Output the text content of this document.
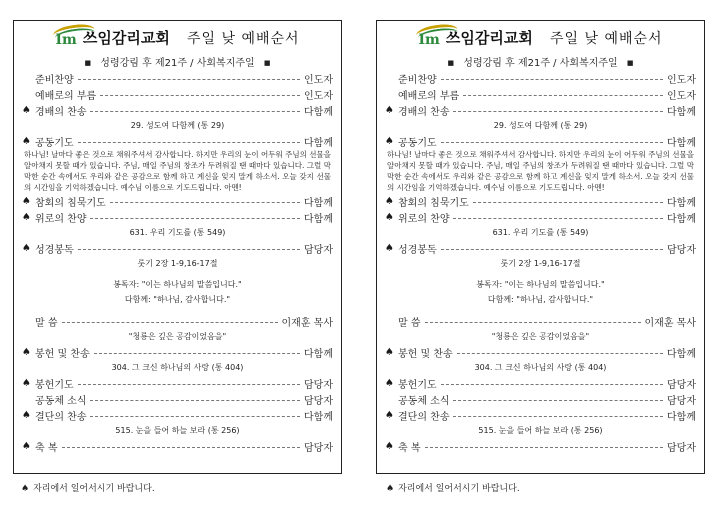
Im 쓰임감리교회 주일 낮 예배순서
■ 성령강림 후 제21주 / 사회복지주일 ■
준비찬양	인도자
예배로의 부름	인도자
♠ 경배의 찬송	다함께
29. 성도여 다함께 (통 29)
♠ 공동기도	다함께
하나님! 날마다 좋은 것으로 채워주셔서 감사합니다. 하지만 우리의 눈이 어두워 주님의 선물을 알아채지 못할 때가 있습니다. 주님, 매일 주님의 창조가 두려워질 땐 때마다 있습니다. 그럴 막막한 순간 속에서도 우리와 같은 공감으로 함께 하고 계신을 잊지 말게 하소서. 오늘 갖지 선물의 시간임을 기억하겠습니다. 예수님 이름으로 기도드립니다. 아멘!
♠ 참회의 침묵기도	다함께
♠ 위로의 찬양	다함께
631. 우리 기도를 (통 549)
♠ 성경봉독	담당자
룻기 2장 1-9,16-17절
봉독자: "이는 하나님의 말씀입니다."
다함께: "하나님, 감사합니다."
말 씀	이재훈 목사
"청룡은 깊은 공감이었음을"
♠ 봉헌 및 찬송	다함께
304. 그 크신 하나님의 사랑 (통 404)
♠ 봉헌기도	담당자
공동체 소식	담당자
♠ 결단의 찬송	다함께
515. 눈을 들어 하늘 보라 (통 256)
♠ 축 복	담당자
Im 쓰임감리교회 주일 낮 예배순서
■ 성령강림 후 제21주 / 사회복지주일 ■
준비찬양	인도자
예배로의 부름	인도자
♠ 경배의 찬송	다함께
29. 성도여 다함께 (통 29)
♠ 공동기도	다함께
하나님! 날마다 좋은 것으로 채워주셔서 감사합니다. 하지만 우리의 눈이 어두워 주님의 선물을 알아채지 못할 때가 있습니다. 주님, 매일 주님의 창조가 두려워질 땐 때마다 있습니다. 그럴 막막한 순간 속에서도 우리와 같은 공감으로 함께 하고 계신을 잊지 말게 하소서. 오늘 갖지 선물의 시간임을 기억하겠습니다. 예수님 이름으로 기도드립니다. 아멘!
♠ 참회의 침묵기도	다함께
♠ 위로의 찬양	다함께
631. 우리 기도를 (통 549)
♠ 성경봉독	담당자
룻기 2장 1-9,16-17절
봉독자: "이는 하나님의 말씀입니다."
다함께: "하나님, 감사합니다."
말 씀	이재훈 목사
"청룡은 깊은 공감이었음을"
♠ 봉헌 및 찬송	다함께
304. 그 크신 하나님의 사랑 (통 404)
♠ 봉헌기도	담당자
공동체 소식	담당자
♠ 결단의 찬송	다함께
515. 눈을 들어 하늘 보라 (통 256)
♠ 축 복	담당자
♠ 자리에서 일어서시기 바랍니다.	♠ 자리에서 일어서시기 바랍니다.
